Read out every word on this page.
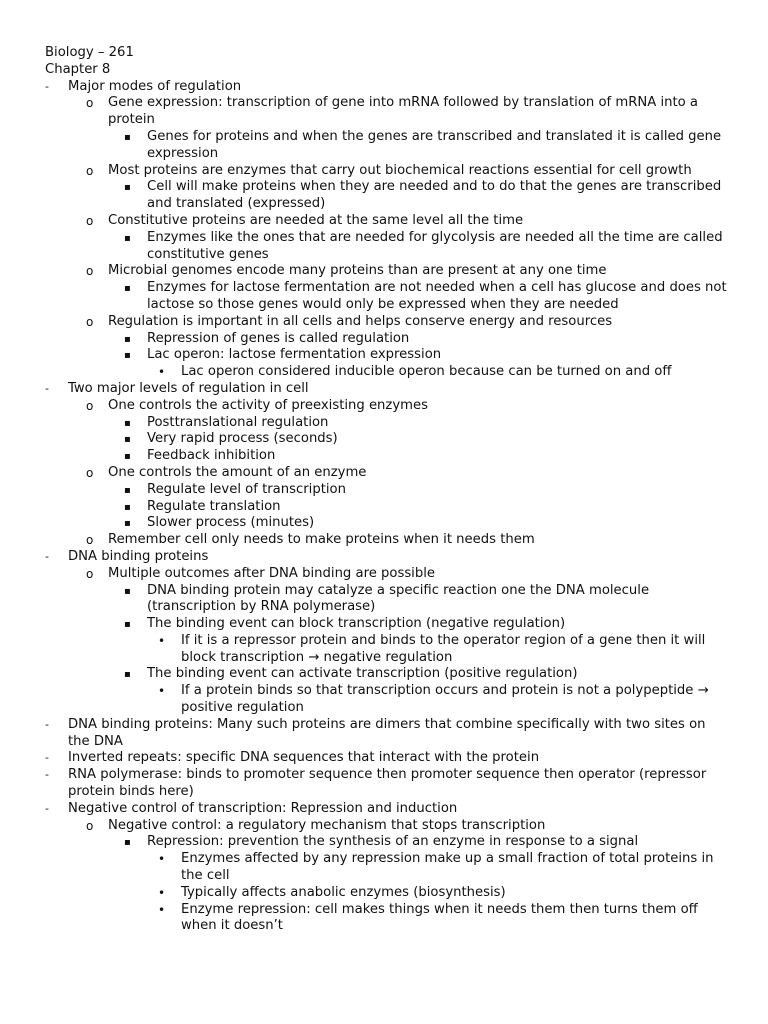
Biology – 261
Chapter 8
- Major modes of regulation
o Gene expression: transcription of gene into mRNA followed by translation of mRNA into a protein
▪ Genes for proteins and when the genes are transcribed and translated it is called gene expression
o Most proteins are enzymes that carry out biochemical reactions essential for cell growth
▪ Cell will make proteins when they are needed and to do that the genes are transcribed and translated (expressed)
o Constitutive proteins are needed at the same level all the time
▪ Enzymes like the ones that are needed for glycolysis are needed all the time are called constitutive genes
o Microbial genomes encode many proteins than are present at any one time
▪ Enzymes for lactose fermentation are not needed when a cell has glucose and does not lactose so those genes would only be expressed when they are needed
o Regulation is important in all cells and helps conserve energy and resources
▪ Repression of genes is called regulation
▪ Lac operon: lactose fermentation expression
• Lac operon considered inducible operon because can be turned on and off
- Two major levels of regulation in cell
o One controls the activity of preexisting enzymes
▪ Posttranslational regulation
▪ Very rapid process (seconds)
▪ Feedback inhibition
o One controls the amount of an enzyme
▪ Regulate level of transcription
▪ Regulate translation
▪ Slower process (minutes)
o Remember cell only needs to make proteins when it needs them
- DNA binding proteins
o Multiple outcomes after DNA binding are possible
▪ DNA binding protein may catalyze a specific reaction one the DNA molecule (transcription by RNA polymerase)
▪ The binding event can block transcription (negative regulation)
• If it is a repressor protein and binds to the operator region of a gene then it will block transcription → negative regulation
▪ The binding event can activate transcription (positive regulation)
• If a protein binds so that transcription occurs and protein is not a polypeptide → positive regulation
- DNA binding proteins: Many such proteins are dimers that combine specifically with two sites on the DNA
- Inverted repeats: specific DNA sequences that interact with the protein
- RNA polymerase: binds to promoter sequence then promoter sequence then operator (repressor protein binds here)
- Negative control of transcription: Repression and induction
o Negative control: a regulatory mechanism that stops transcription
▪ Repression: prevention the synthesis of an enzyme in response to a signal
• Enzymes affected by any repression make up a small fraction of total proteins in the cell
• Typically affects anabolic enzymes (biosynthesis)
• Enzyme repression: cell makes things when it needs them then turns them off when it doesn’t
